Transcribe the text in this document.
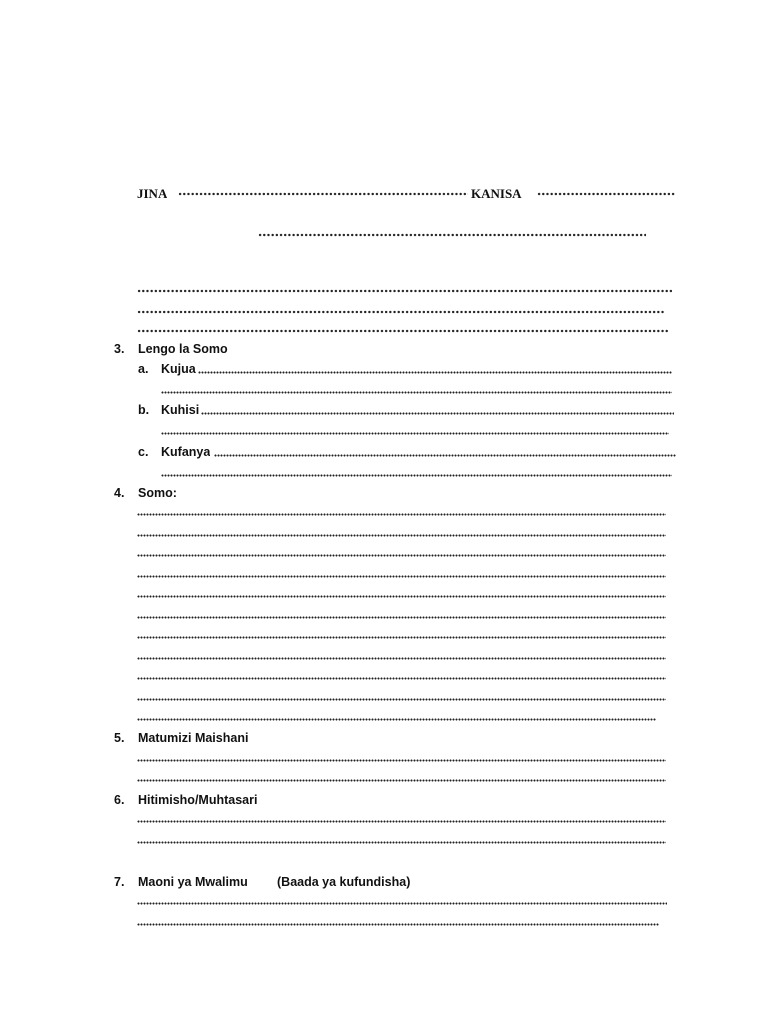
JINA	KANISA
3. Lengo la Somo
a. Kujua
b. Kuhisi
c. Kufanya
4. Somo:
5. Matumizi Maishani
6. Hitimisho/Muhtasari
7. Maoni ya Mwalimu (Baada ya kufundisha)
